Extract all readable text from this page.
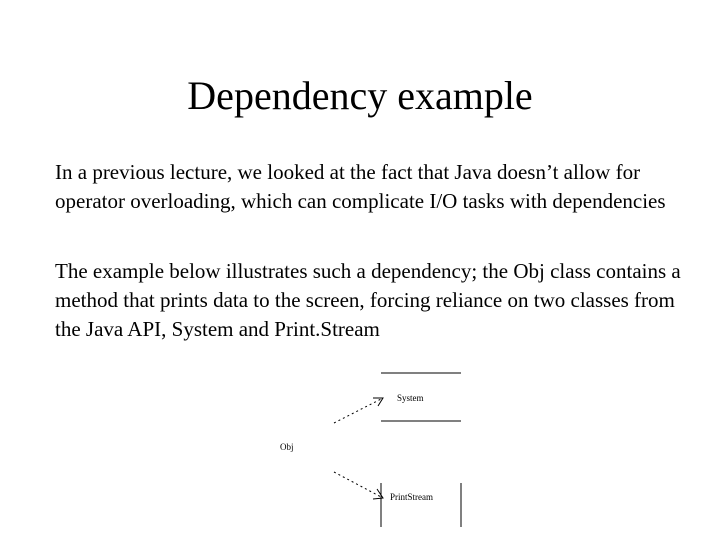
Dependency example
In a previous lecture, we looked at the fact that Java doesn’t allow for operator overloading, which can complicate I/O tasks with dependencies
The example below illustrates such a dependency; the Obj class contains a method that prints data to the screen, forcing reliance on two classes from the Java API, System and Print.Stream
System
PrintStream
Obj
